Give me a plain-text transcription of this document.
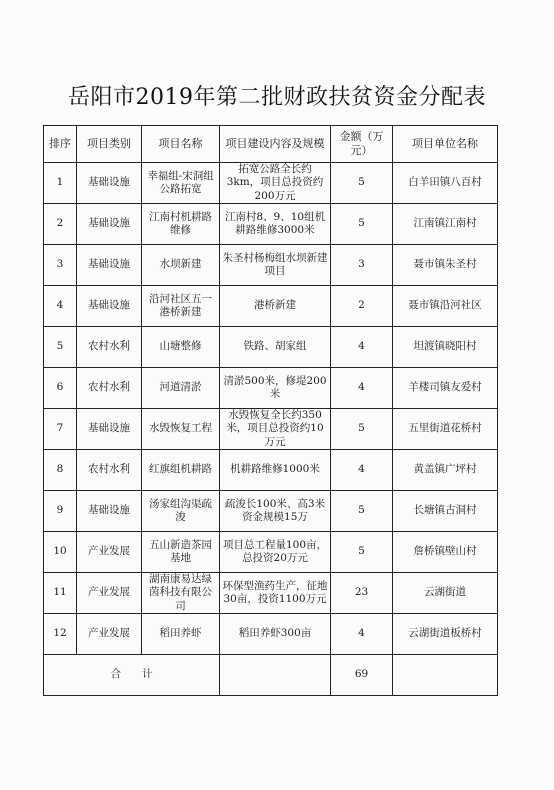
岳阳市2019年第二批财政扶贫资金分配表
排序	项目类别	项目名称	项目建设内容及规模	金额（万元）	项目单位名称
1	基础设施	幸福组-宋洞组公路拓宽	拓宽公路全长约3km，项目总投资约200万元	5	白羊田镇八百村
2	基础设施	江南村机耕路维修	江南村8、9、10组机耕路维修3000米	5	江南镇江南村
3	基础设施	水坝新建	朱圣村杨梅组水坝新建项目	3	聂市镇朱圣村
4	基础设施	沿河社区五一港桥新建	港桥新建	2	聂市镇沿河社区
5	农村水利	山塘整修	铁路、胡家组	4	坦渡镇晓阳村
6	农村水利	河道清淤	清淤500米，修堤200米	4	羊楼司镇友爱村
7	基础设施	水毁恢复工程	水毁恢复全长约350米，项目总投资约10万元	5	五里街道花桥村
8	农村水利	红旗组机耕路	机耕路维修1000米	4	黄盖镇广坪村
9	基础设施	汤家组沟渠疏浚	疏浚长100米、高3米资金规模15万	5	长塘镇古洞村
10	产业发展	五山新造茶园基地	项目总工程量100亩，总投资20万元	5	詹桥镇壁山村
11	产业发展	湖南康易达绿茵科技有限公司	环保型渔药生产，征地30亩，投资1100万元	23	云湖街道
12	产业发展	稻田养虾	稻田养虾300亩	4	云湖街道板桥村
合　　计				69	
